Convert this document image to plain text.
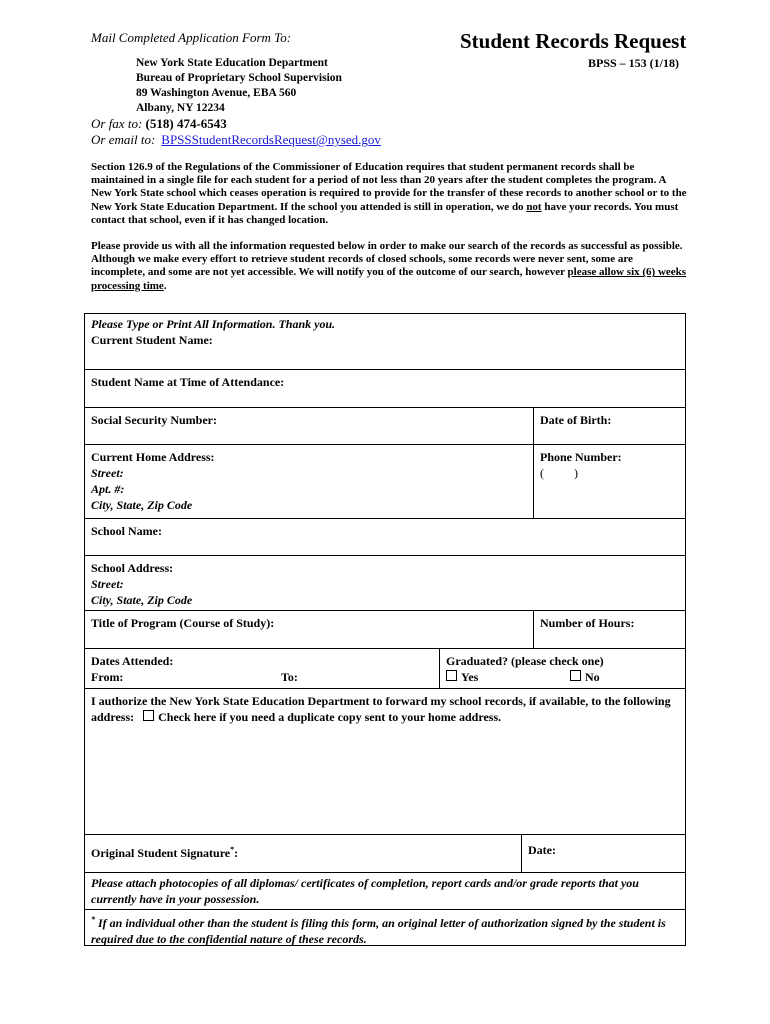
Mail Completed Application Form To:	Student Records Request
BPSS – 153 (1/18)
New York State Education Department
Bureau of Proprietary School Supervision
89 Washington Avenue, EBA 560
Albany, NY 12234
Or fax to: (518) 474-6543
Or email to: BPSSStudentRecordsRequest@nysed.gov
Section 126.9 of the Regulations of the Commissioner of Education requires that student permanent records shall be maintained in a single file for each student for a period of not less than 20 years after the student completes the program. A New York State school which ceases operation is required to provide for the transfer of these records to another school or to the New York State Education Department. If the school you attended is still in operation, we do not have your records. You must contact that school, even if it has changed location.
Please provide us with all the information requested below in order to make our search of the records as successful as possible. Although we make every effort to retrieve student records of closed schools, some records were never sent, some are incomplete, and some are not yet accessible. We will notify you of the outcome of our search, however please allow six (6) weeks processing time.
Please Type or Print All Information. Thank you.
Current Student Name:
Student Name at Time of Attendance:
Social Security Number:	Date of Birth:
Current Home Address:
Street:
Apt. #:
City, State, Zip Code
Phone Number:
(          )
School Name:
School Address:
Street:
City, State, Zip Code
Title of Program (Course of Study):	Number of Hours:
Dates Attended:
From:	To:
Graduated? (please check one)
Yes	No
I authorize the New York State Education Department to forward my school records, if available, to the following address: Check here if you need a duplicate copy sent to your home address.
Original Student Signature*:	Date:
Please attach photocopies of all diplomas/ certificates of completion, report cards and/or grade reports that you currently have in your possession.
* If an individual other than the student is filing this form, an original letter of authorization signed by the student is required due to the confidential nature of these records.
